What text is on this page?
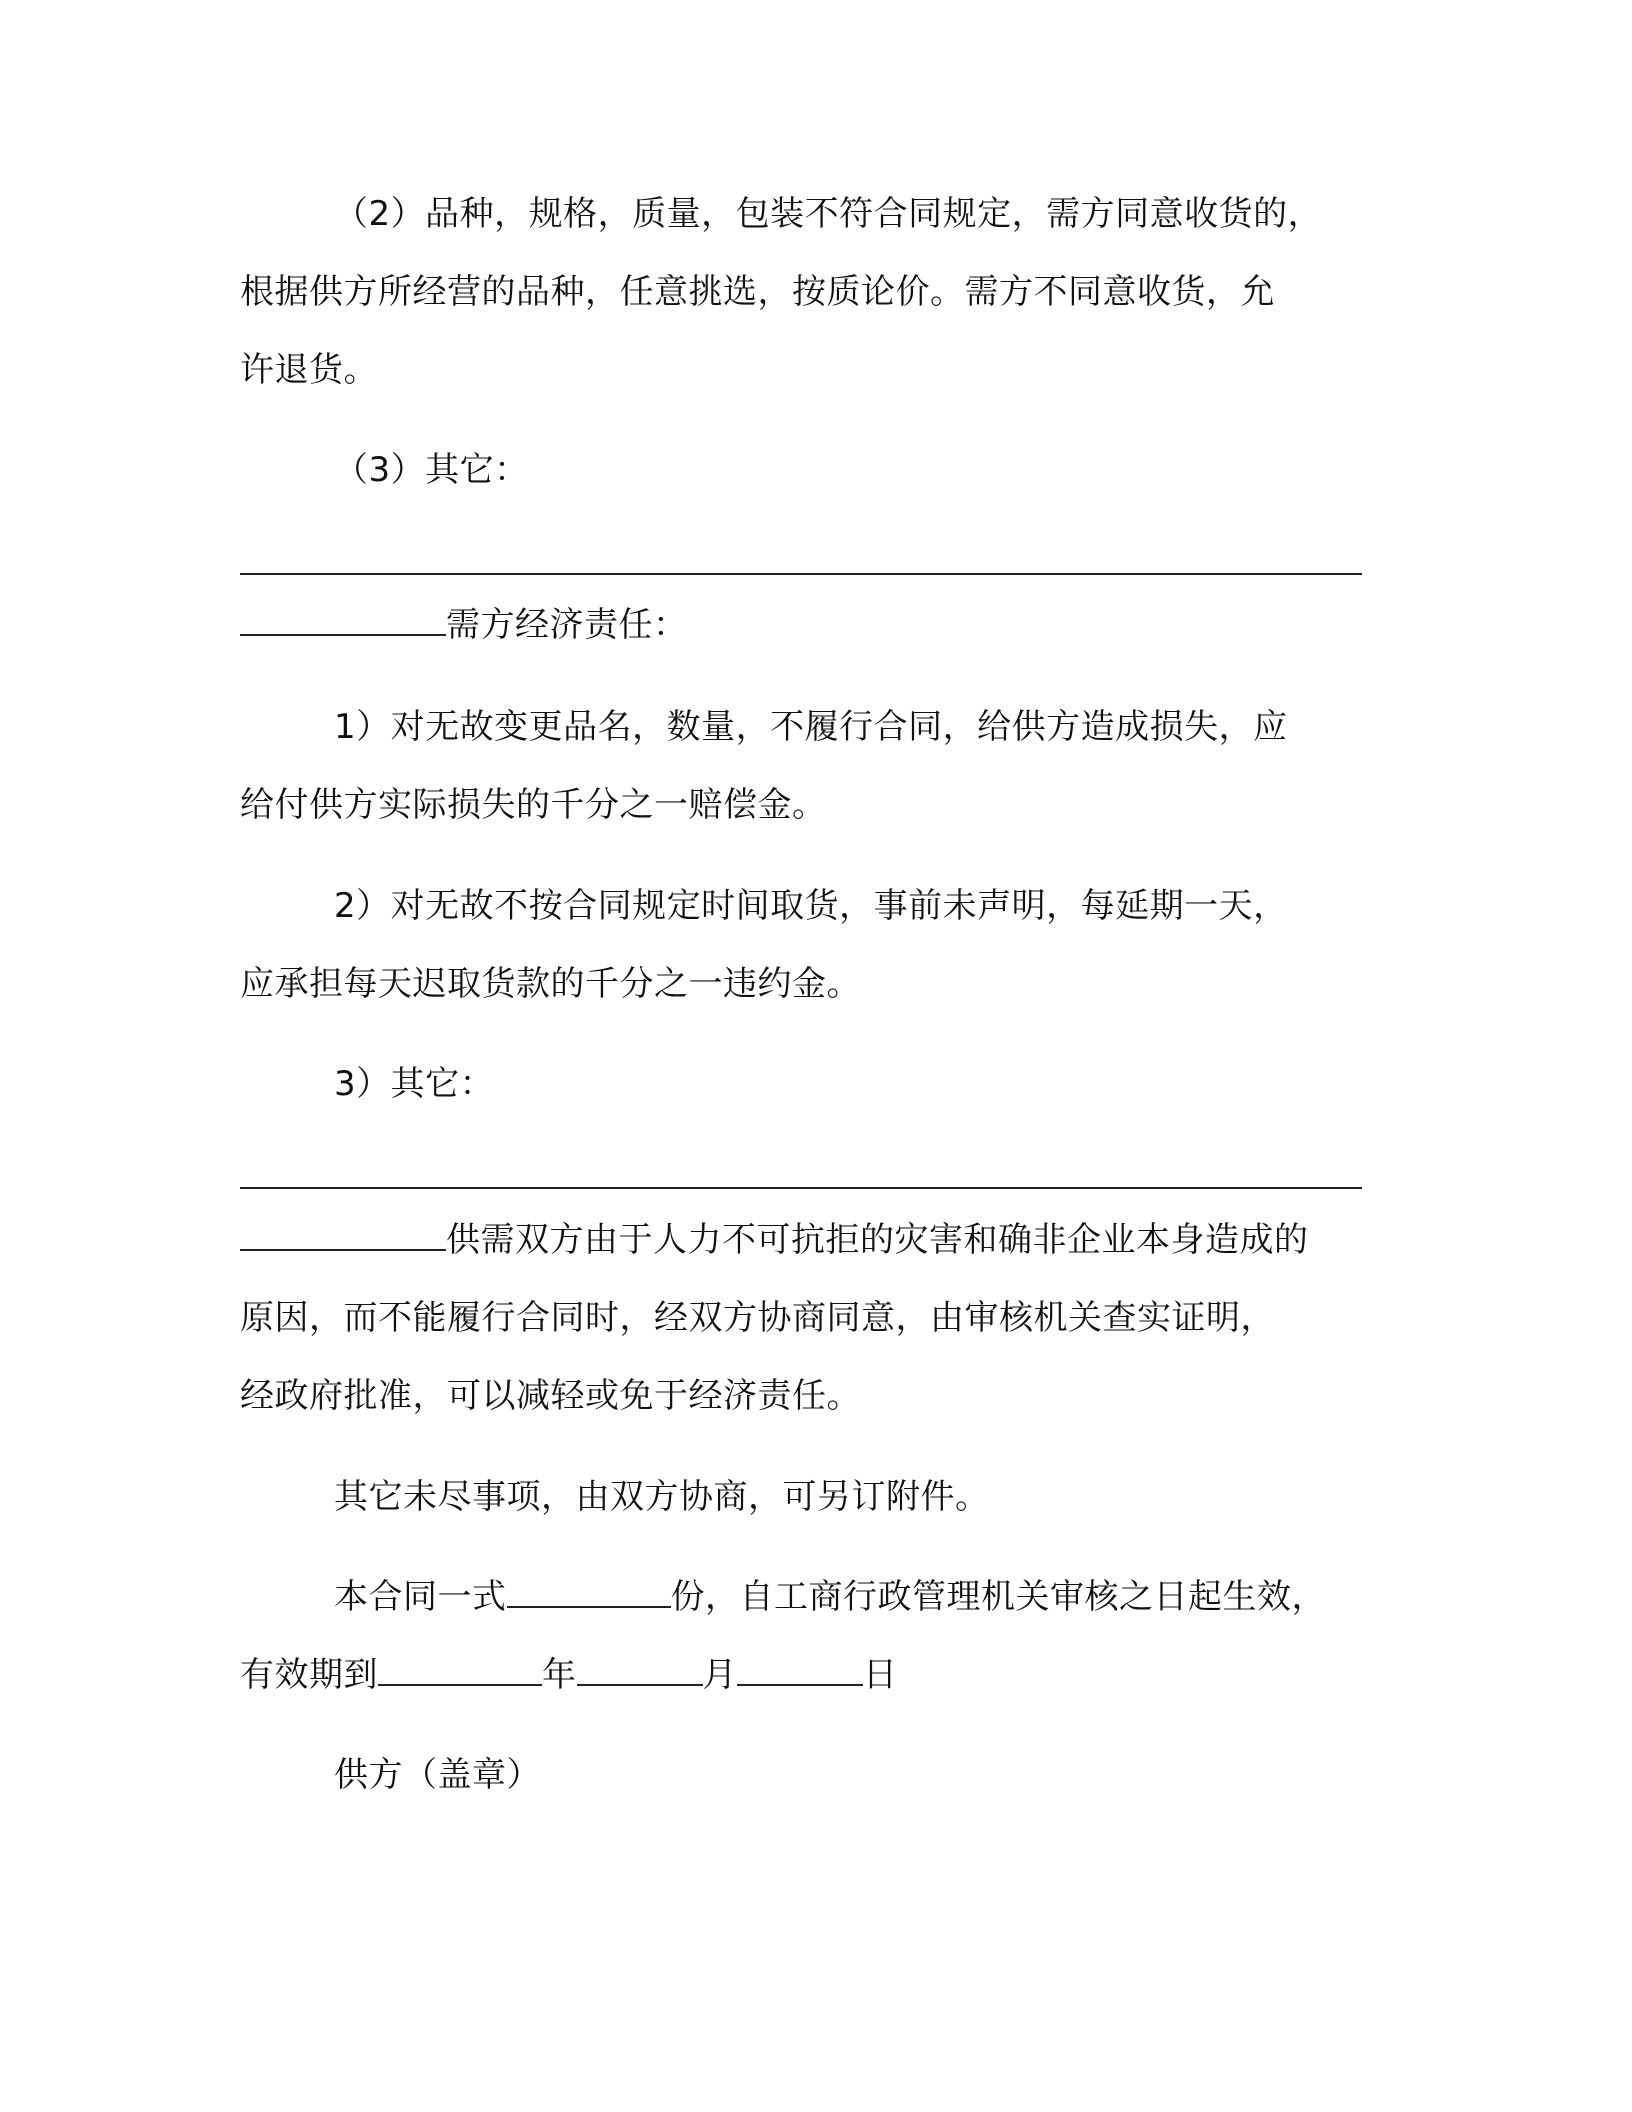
（2）品种，规格，质量，包装不符合同规定，需方同意收货的，
根据供方所经营的品种，任意挑选，按质论价。需方不同意收货，允
许退货。
（3）其它：
需方经济责任：
1）对无故变更品名，数量，不履行合同，给供方造成损失，应
给付供方实际损失的千分之一赔偿金。
2）对无故不按合同规定时间取货，事前未声明，每延期一天，
应承担每天迟取货款的千分之一违约金。
3）其它：
供需双方由于人力不可抗拒的灾害和确非企业本身造成的
原因，而不能履行合同时，经双方协商同意，由审核机关查实证明，
经政府批准，可以减轻或免于经济责任。
其它未尽事项，由双方协商，可另订附件。
本合同一式	份，自工商行政管理机关审核之日起生效，
有效期到	年	月	日
供方（盖章）
